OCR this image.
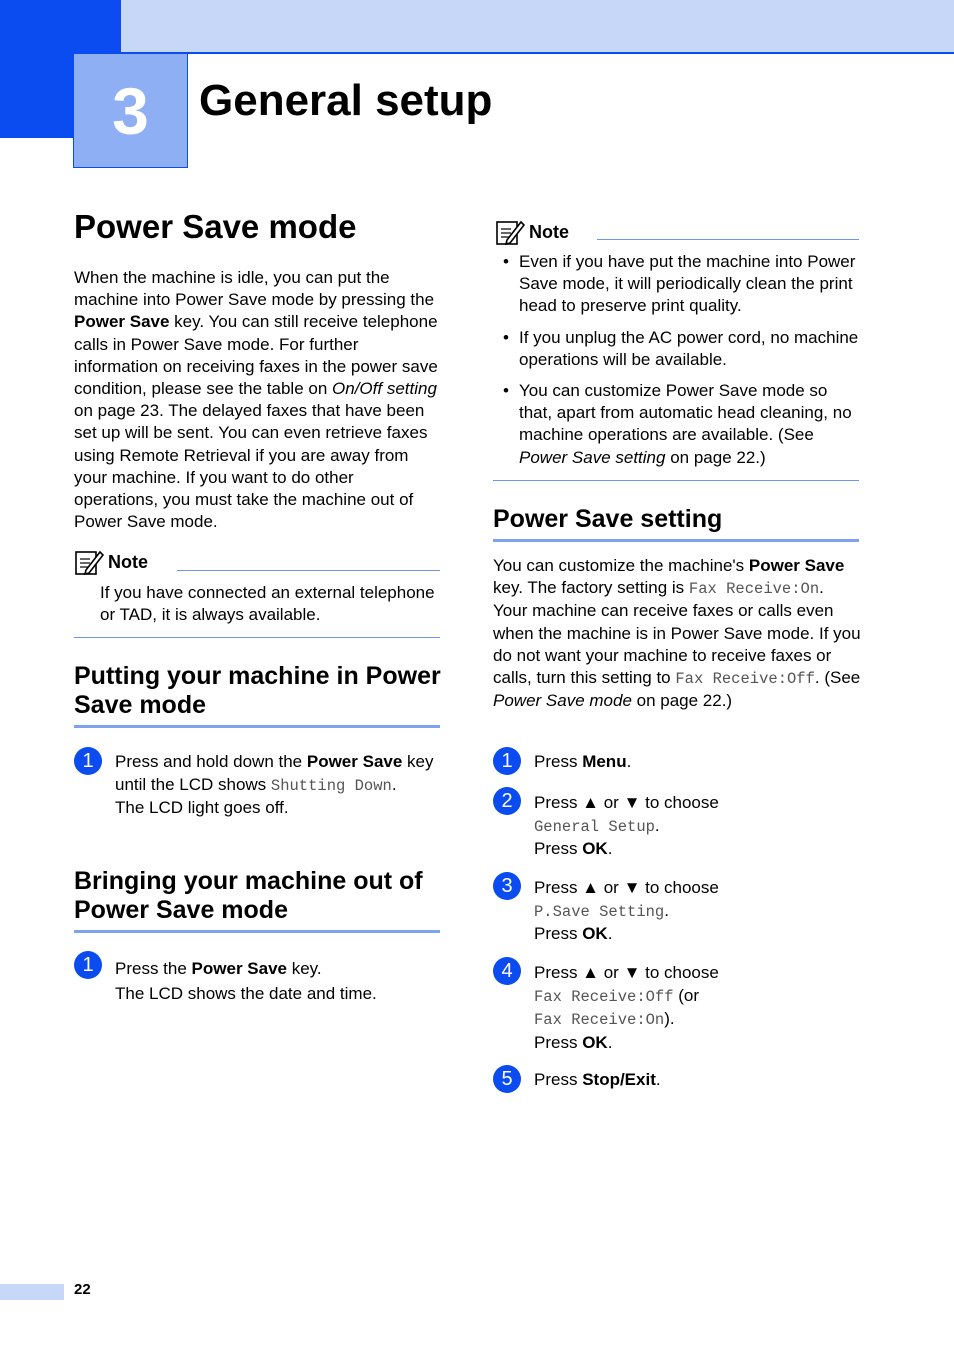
3	General setup
Power Save mode

When the machine is idle, you can put the machine into Power Save mode by pressing the Power Save key. You can still receive telephone calls in Power Save mode. For further information on receiving faxes in the power save condition, please see the table on On/Off setting on page 23. The delayed faxes that have been set up will be sent. You can even retrieve faxes using Remote Retrieval if you are away from your machine. If you want to do other operations, you must take the machine out of Power Save mode.

Note

If you have connected an external telephone or TAD, it is always available.

Putting your machine in Power Save mode
1	Press and hold down the Power Save key until the LCD shows Shutting Down.
The LCD light goes off.
Bringing your machine out of Power Save mode
1	Press the Power Save key.
The LCD shows the date and time.
Note
• Even if you have put the machine into Power Save mode, it will periodically clean the print head to preserve print quality.
• If you unplug the AC power cord, no machine operations will be available.
• You can customize Power Save mode so that, apart from automatic head cleaning, no machine operations are available. (See Power Save setting on page 22.)
Power Save setting

You can customize the machine's Power Save key. The factory setting is Fax Receive:On. Your machine can receive faxes or calls even when the machine is in Power Save mode. If you do not want your machine to receive faxes or calls, turn this setting to Fax Receive:Off. (See Power Save mode on page 22.)

1	Press Menu.
2	Press ▲ or ▼ to choose
General Setup.
Press OK.
3	Press ▲ or ▼ to choose
P.Save Setting.
Press OK.
4	Press ▲ or ▼ to choose
Fax Receive:Off (or
Fax Receive:On).
Press OK.
5	Press Stop/Exit.
22
